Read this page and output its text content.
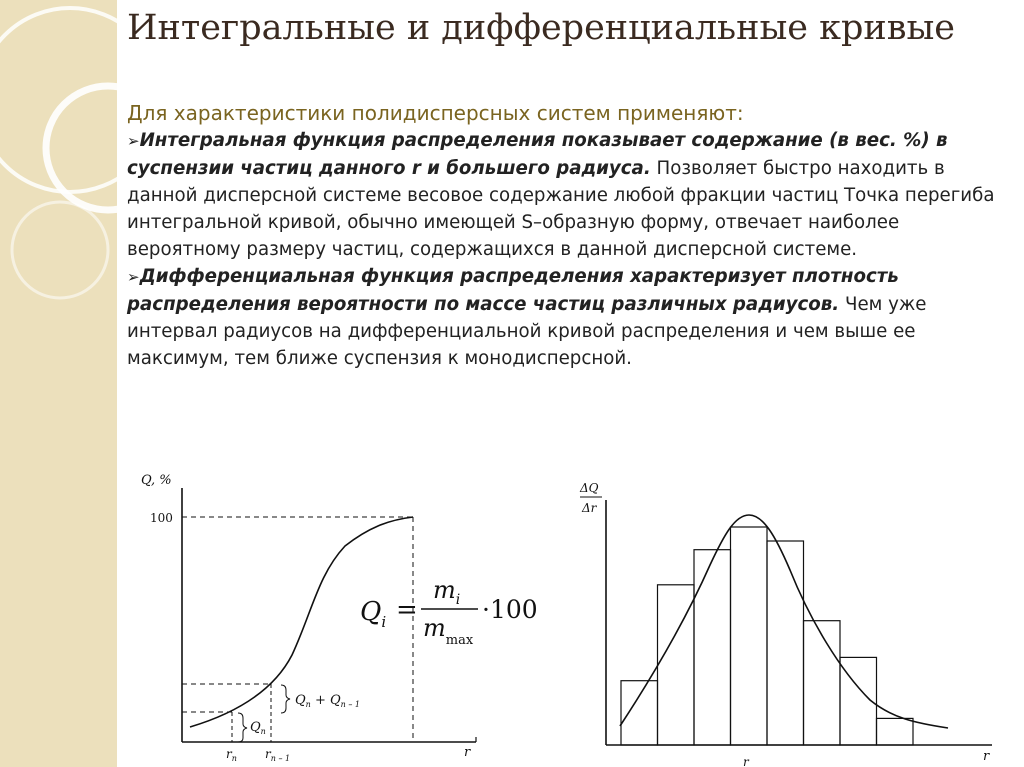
Интегральные и дифференциальные кривые
Для характеристики полидисперсных систем применяют:

➢Интегральная функция распределения показывает содержание (в вес. %) в суспензии частиц данного r и большего радиуса. Позволяет быстро находить в данной дисперсной системе весовое содержание любой фракции частиц Точка перегиба интегральной кривой, обычно имеющей S–образную форму, отвечает наиболее вероятному размеру частиц, содержащихся в данной дисперсной системе.

➢Дифференциальная функция распределения характеризует плотность распределения вероятности по массе частиц различных радиусов. Чем уже интервал радиусов на дифференциальной кривой распределения и чем выше ее максимум, тем ближе суспензия к монодисперсной.

Q, %
r
100
$Q_n$
$Q_n + Q_{n - 1}$
$r_n$ $r_{n - 1}$
$Q_i$ =
$m_i$
$m_{max}$
·100
ΔQ
Δr
r
r
